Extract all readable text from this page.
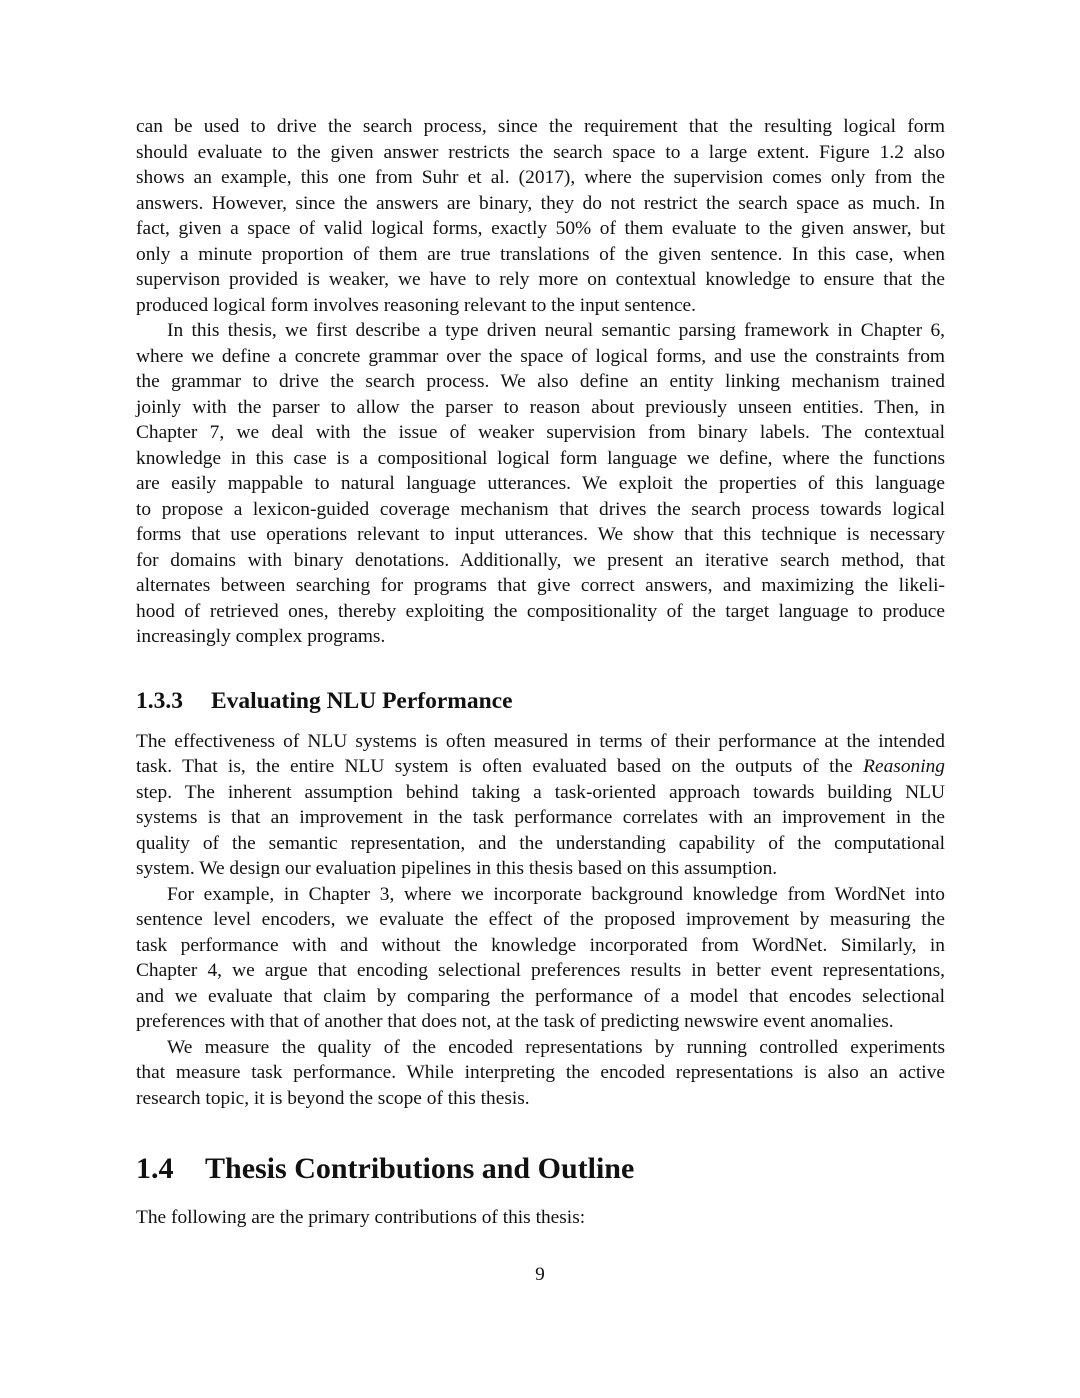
can be used to drive the search process, since the requirement that the resulting logical form
should evaluate to the given answer restricts the search space to a large extent. Figure 1.2 also
shows an example, this one from Suhr et al. (2017), where the supervision comes only from the
answers. However, since the answers are binary, they do not restrict the search space as much. In
fact, given a space of valid logical forms, exactly 50% of them evaluate to the given answer, but
only a minute proportion of them are true translations of the given sentence. In this case, when
supervison provided is weaker, we have to rely more on contextual knowledge to ensure that the
produced logical form involves reasoning relevant to the input sentence.
In this thesis, we first describe a type driven neural semantic parsing framework in Chapter 6,
where we define a concrete grammar over the space of logical forms, and use the constraints from
the grammar to drive the search process. We also define an entity linking mechanism trained
joinly with the parser to allow the parser to reason about previously unseen entities. Then, in
Chapter 7, we deal with the issue of weaker supervision from binary labels. The contextual
knowledge in this case is a compositional logical form language we define, where the functions
are easily mappable to natural language utterances. We exploit the properties of this language
to propose a lexicon-guided coverage mechanism that drives the search process towards logical
forms that use operations relevant to input utterances. We show that this technique is necessary
for domains with binary denotations. Additionally, we present an iterative search method, that
alternates between searching for programs that give correct answers, and maximizing the likeli-
hood of retrieved ones, thereby exploiting the compositionality of the target language to produce
increasingly complex programs.
1.3.3 Evaluating NLU Performance
The effectiveness of NLU systems is often measured in terms of their performance at the intended
task. That is, the entire NLU system is often evaluated based on the outputs of the Reasoning
step. The inherent assumption behind taking a task-oriented approach towards building NLU
systems is that an improvement in the task performance correlates with an improvement in the
quality of the semantic representation, and the understanding capability of the computational
system. We design our evaluation pipelines in this thesis based on this assumption.
For example, in Chapter 3, where we incorporate background knowledge from WordNet into
sentence level encoders, we evaluate the effect of the proposed improvement by measuring the
task performance with and without the knowledge incorporated from WordNet. Similarly, in
Chapter 4, we argue that encoding selectional preferences results in better event representations,
and we evaluate that claim by comparing the performance of a model that encodes selectional
preferences with that of another that does not, at the task of predicting newswire event anomalies.
We measure the quality of the encoded representations by running controlled experiments
that measure task performance. While interpreting the encoded representations is also an active
research topic, it is beyond the scope of this thesis.
1.4 Thesis Contributions and Outline
The following are the primary contributions of this thesis:
9
